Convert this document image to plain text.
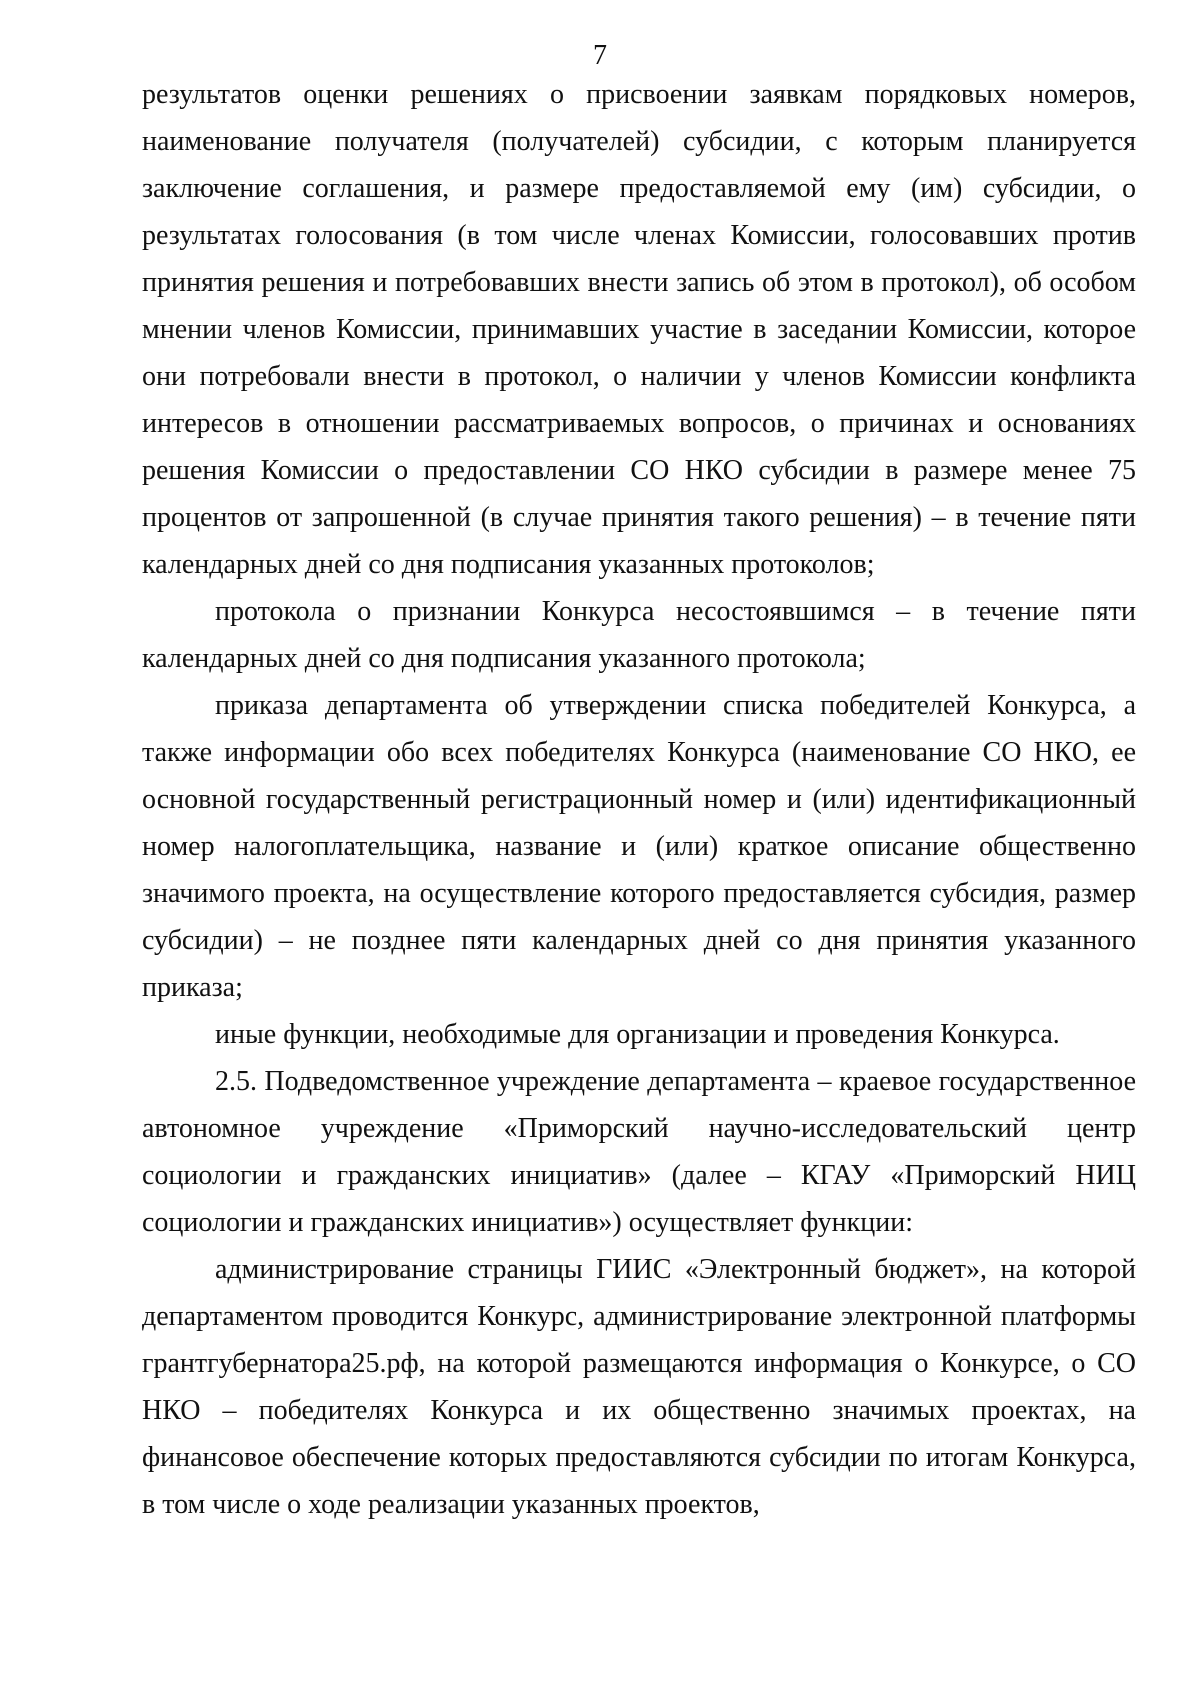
7

результатов оценки решениях о присвоении заявкам порядковых номеров, наименование получателя (получателей) субсидии, с которым планируется заключение соглашения, и размере предоставляемой ему (им) субсидии, о результатах голосования (в том числе членах Комиссии, голосовавших против принятия решения и потребовавших внести запись об этом в протокол), об особом мнении членов Комиссии, принимавших участие в заседании Комиссии, которое они потребовали внести в протокол, о наличии у членов Комиссии конфликта интересов в отношении рассматриваемых вопросов, о причинах и основаниях решения Комиссии о предоставлении СО НКО субсидии в размере менее 75 процентов от запрошенной (в случае принятия такого решения) – в течение пяти календарных дней со дня подписания указанных протоколов;

протокола о признании Конкурса несостоявшимся – в течение пяти календарных дней со дня подписания указанного протокола;

приказа департамента об утверждении списка победителей Конкурса, а также информации обо всех победителях Конкурса (наименование СО НКО, ее основной государственный регистрационный номер и (или) идентификационный номер налогоплательщика, название и (или) краткое описание общественно значимого проекта, на осуществление которого предоставляется субсидия, размер субсидии) – не позднее пяти календарных дней со дня принятия указанного приказа;

иные функции, необходимые для организации и проведения Конкурса.

2.5. Подведомственное учреждение департамента – краевое государственное автономное учреждение «Приморский научно-исследовательский центр социологии и гражданских инициатив» (далее – КГАУ «Приморский НИЦ социологии и гражданских инициатив») осуществляет функции:

администрирование страницы ГИИС «Электронный бюджет», на которой департаментом проводится Конкурс, администрирование электронной платформы грантгубернатора25.рф, на которой размещаются информация о Конкурсе, о СО НКО – победителях Конкурса и их общественно значимых проектах, на финансовое обеспечение которых предоставляются субсидии по итогам Конкурса, в том числе о ходе реализации указанных проектов,
